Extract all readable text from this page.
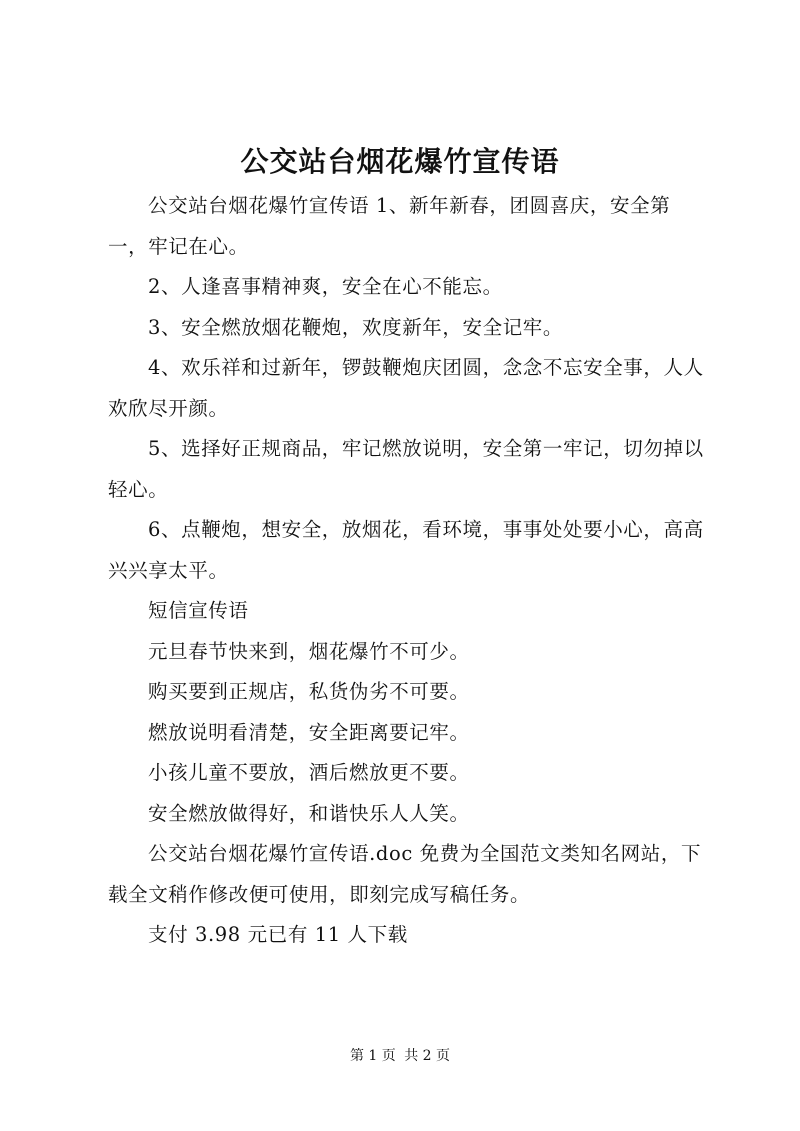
公交站台烟花爆竹宣传语

公交站台烟花爆竹宣传语 1、新年新春，团圆喜庆，安全第一，牢记在心。

2、人逢喜事精神爽，安全在心不能忘。

3、安全燃放烟花鞭炮，欢度新年，安全记牢。

4、欢乐祥和过新年，锣鼓鞭炮庆团圆，念念不忘安全事，人人欢欣尽开颜。

5、选择好正规商品，牢记燃放说明，安全第一牢记，切勿掉以轻心。

6、点鞭炮，想安全，放烟花，看环境，事事处处要小心，高高兴兴享太平。

短信宣传语

元旦春节快来到，烟花爆竹不可少。

购买要到正规店，私货伪劣不可要。

燃放说明看清楚，安全距离要记牢。

小孩儿童不要放，酒后燃放更不要。

安全燃放做得好，和谐快乐人人笑。

公交站台烟花爆竹宣传语.doc 免费为全国范文类知名网站，下载全文稍作修改便可使用，即刻完成写稿任务。

支付 3.98 元已有 11 人下载

第 1 页 共 2 页
